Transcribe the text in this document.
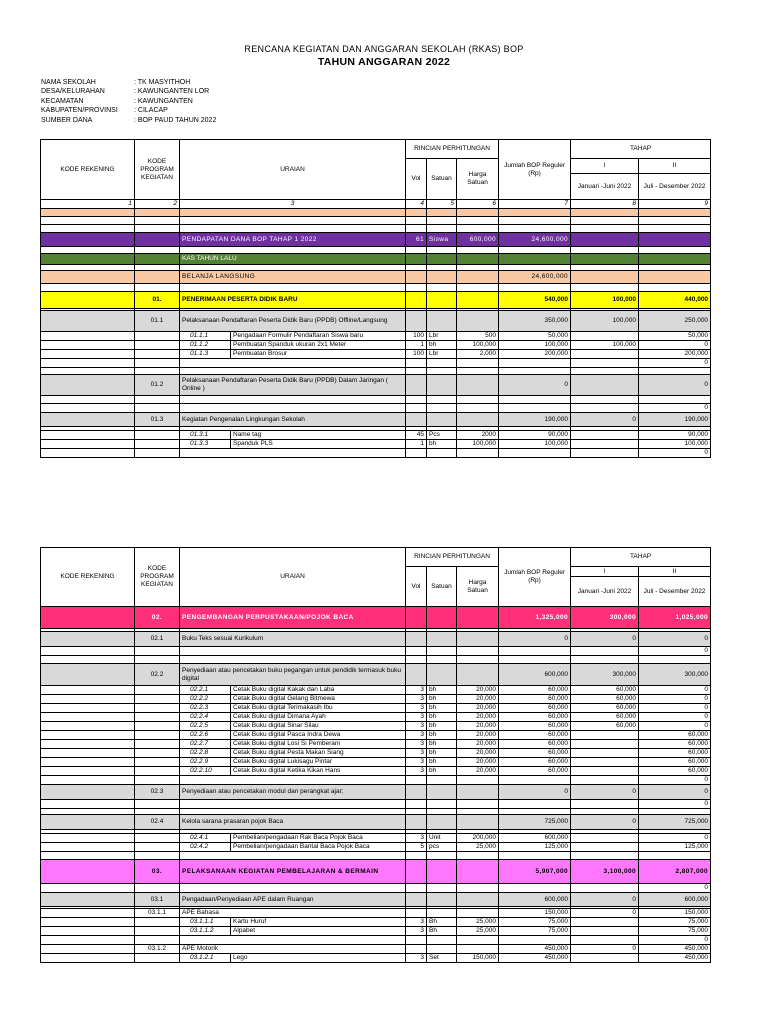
RENCANA KEGIATAN DAN ANGGARAN SEKOLAH (RKAS) BOP
TAHUN ANGGARAN 2022
NAMA SEKOLAH	: TK MASYITHOH
DESA/KELURAHAN	: KAWUNGANTEN LOR
KECAMATAN	: KAWUNGANTEN
KABUPATEN/PROVINSI	: CILACAP
SUMBER DANA	: BOP PAUD TAHUN 2022
KODE REKENING	KODE PROGRAM KEGIATAN	URAIAN	RINCIAN PERHITUNGAN			Jumlah BOP Reguler (Rp)	TAHAP	
			Vol	Satuan	Harga Satuan		I	II
							Januari -Juni 2022	Juli - Desember 2022
1	2	3	4	5	6	7	8	9

		PENDAPATAN DANA BOP TAHAP 1 2022	61	Siswa	600,000	24,600,000		

		KAS TAHUN LALU						

		BELANJA LANGSUNG				24,600,000		

	01.	PENERIMAAN PESERTA DIDIK BARU				540,000	100,000	440,000

	01.1	Pelaksanaan Pendaftaran Peserta Didik Baru (PPDB) Offline/Langsung				350,000	100,000	250,000
		01.1.1 Pengadaan Formulir Pendaftaran Siswa baru	100	Lbr	500	50,000		50,000
		01.1.2 Pembuatan Spanduk ukuran 2x1 Meter	1	bh	100,000	100,000	100,000	0
		01.1.3 Pembuatan Brosur	100	Lbr	2,000	200,000		200,000
								0

	01.2	Pelaksanaan Pendaftaran Peserta Didik Baru (PPDB) Dalam Jaringan ( Online )				0		0

								0
	01.3	Kegiatan Pengenalan Lingkungan Sekolah				190,000	0	190,000

		01.3.1 Name tag	45	Pcs	2000	90,000		90,000
		01.3.3 Spanduk PLS	1	bh	100,000	100,000		100,000
								0
KODE REKENING	KODE PROGRAM KEGIATAN	URAIAN	RINCIAN PERHITUNGAN			Jumlah BOP Reguler (Rp)	TAHAP	
			Vol	Satuan	Harga Satuan		I	II
							Januari -Juni 2022	Juli - Desember 2022
	02.	PENGEMBANGAN PERPUSTAKAAN/POJOK BACA				1,325,000	300,000	1,025,000

	02.1	Buku Teks sesuai Kurikulum				0	0	0
								0

	02.2	Penyediaan atau pencetakan buku pegangan untuk pendidik termasuk buku digital				600,000	300,000	300,000
		02.2.1 Cetak Buku digital Kakak dan Laba	3	bh	20,000	60,000	60,000	0
		02.2.2 Cetak Buku digital Gelang Bitmewa	3	bh	20,000	60,000	60,000	0
		02.2.3 Cetak Buku digital Terimakasih Ibu	3	bh	20,000	60,000	60,000	0
		02.2.4 Cetak Buku digital Dimana Ayah	3	bh	20,000	60,000	60,000	0
		02.2.5 Cetak Buku digital Sinar Silau	3	bh	20,000	60,000	60,000	0
		02.2.6 Cetak Buku digital Pasca Indra Dewa	3	bh	20,000	60,000		60,000
		02.2.7 Cetak Buku digital Losi Si Pemberani	3	bh	20,000	60,000		60,000
		02.2.8 Cetak Buku digital Pesta Makan Siang	3	bh	20,000	60,000		60,000
		02.2.9 Cetak Buku digital Lukisagu Pintar	3	bh	20,000	60,000		60,000
		02.2.10 Cetak Buku digital Ketika Kikan Hans	3	bh	20,000	60,000		60,000
								0
	02.3	Penyediaan atau pencetakan modul dan perangkat ajar;				0	0	0
								0

	02.4	Kelola sarana prasaran pojok Baca				725,000	0	725,000

		02.4.1 Pembelian/pengadaan Rak Baca Pojok Baca	3	Unit	200,000	600,000		0
		02.4.2 Pembelian/pengadaan Bantal Baca Pojok Baca	5	pcs	25,000	125,000		125,000

	03.	PELAKSANAAN KEGIATAN PEMBELAJARAN & BERMAIN				5,907,000	3,100,000	2,807,000
								0
	03.1	Pengadaan/Penyediaan APE dalam Ruangan				600,000	0	600,000

	03.1.1	APE Bahasa				150,000	0	150,000
		03.1.1.1 Kartu Huruf	3	Bh	25,000	75,000		75,000
		03.1.1.2 Alpabet	3	Bh	25,000	75,000		75,000
								0
	03.1.2	APE Motorik				450,000	0	450,000
		03.1.2.1 Lego	3	Set	150,000	450,000		450,000
